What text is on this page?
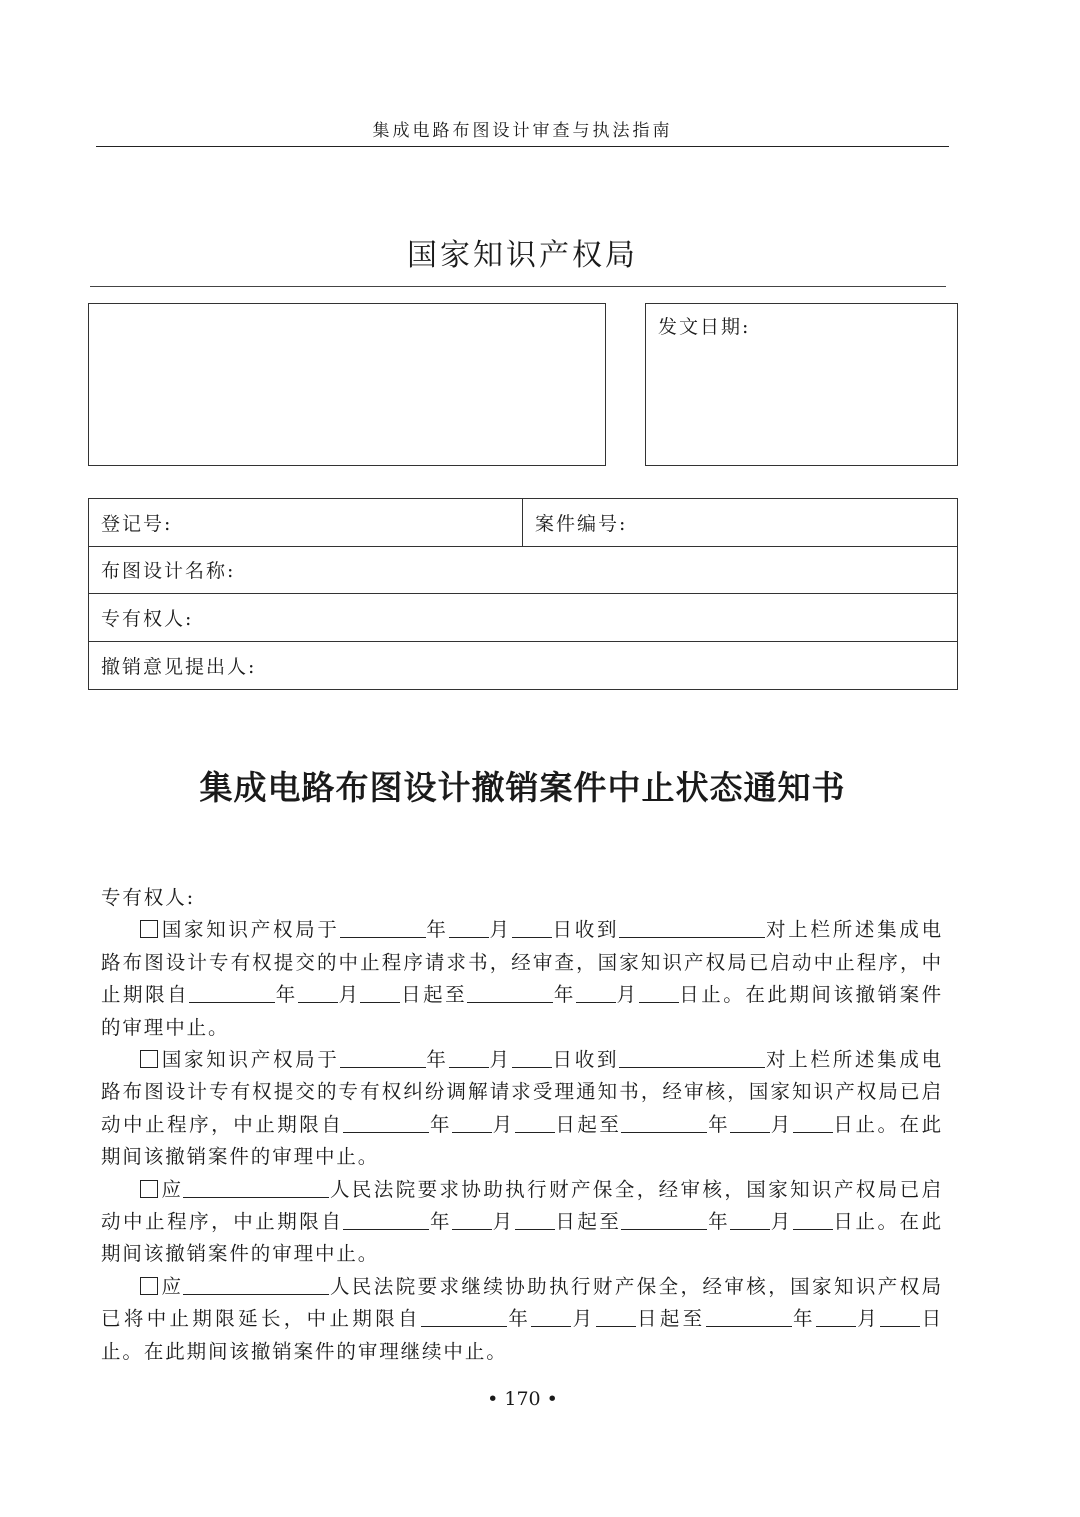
集成电路布图设计审查与执法指南
国家知识产权局
发文日期:
登记号:	案件编号:
布图设计名称:
专有权人:
撤销意见提出人:
集成电路布图设计撤销案件中止状态通知书

专有权人:

国家知识产权局于	年 月 日收到	对上栏所述集成电路布图设计专有权提交的中止程序请求书，经审查，国家知识产权局已启动中止程序，中止期限自	年 月 日起至	年 月 日止。在此期间该撤销案件的审理中止。

国家知识产权局于	年 月 日收到	对上栏所述集成电路布图设计专有权提交的专有权纠纷调解请求受理通知书，经审核，国家知识产权局已启动中止程序，中止期限自	年 月 日起至	年 月 日止。在此期间该撤销案件的审理中止。

应	人民法院要求协助执行财产保全，经审核，国家知识产权局已启动中止程序，中止期限自	年 月 日起至	年 月 日止。在此期间该撤销案件的审理中止。

应	人民法院要求继续协助执行财产保全，经审核，国家知识产权局已将中止期限延长，中止期限自	年 月 日起至	年 月 日止。在此期间该撤销案件的审理继续中止。

• 170 •
